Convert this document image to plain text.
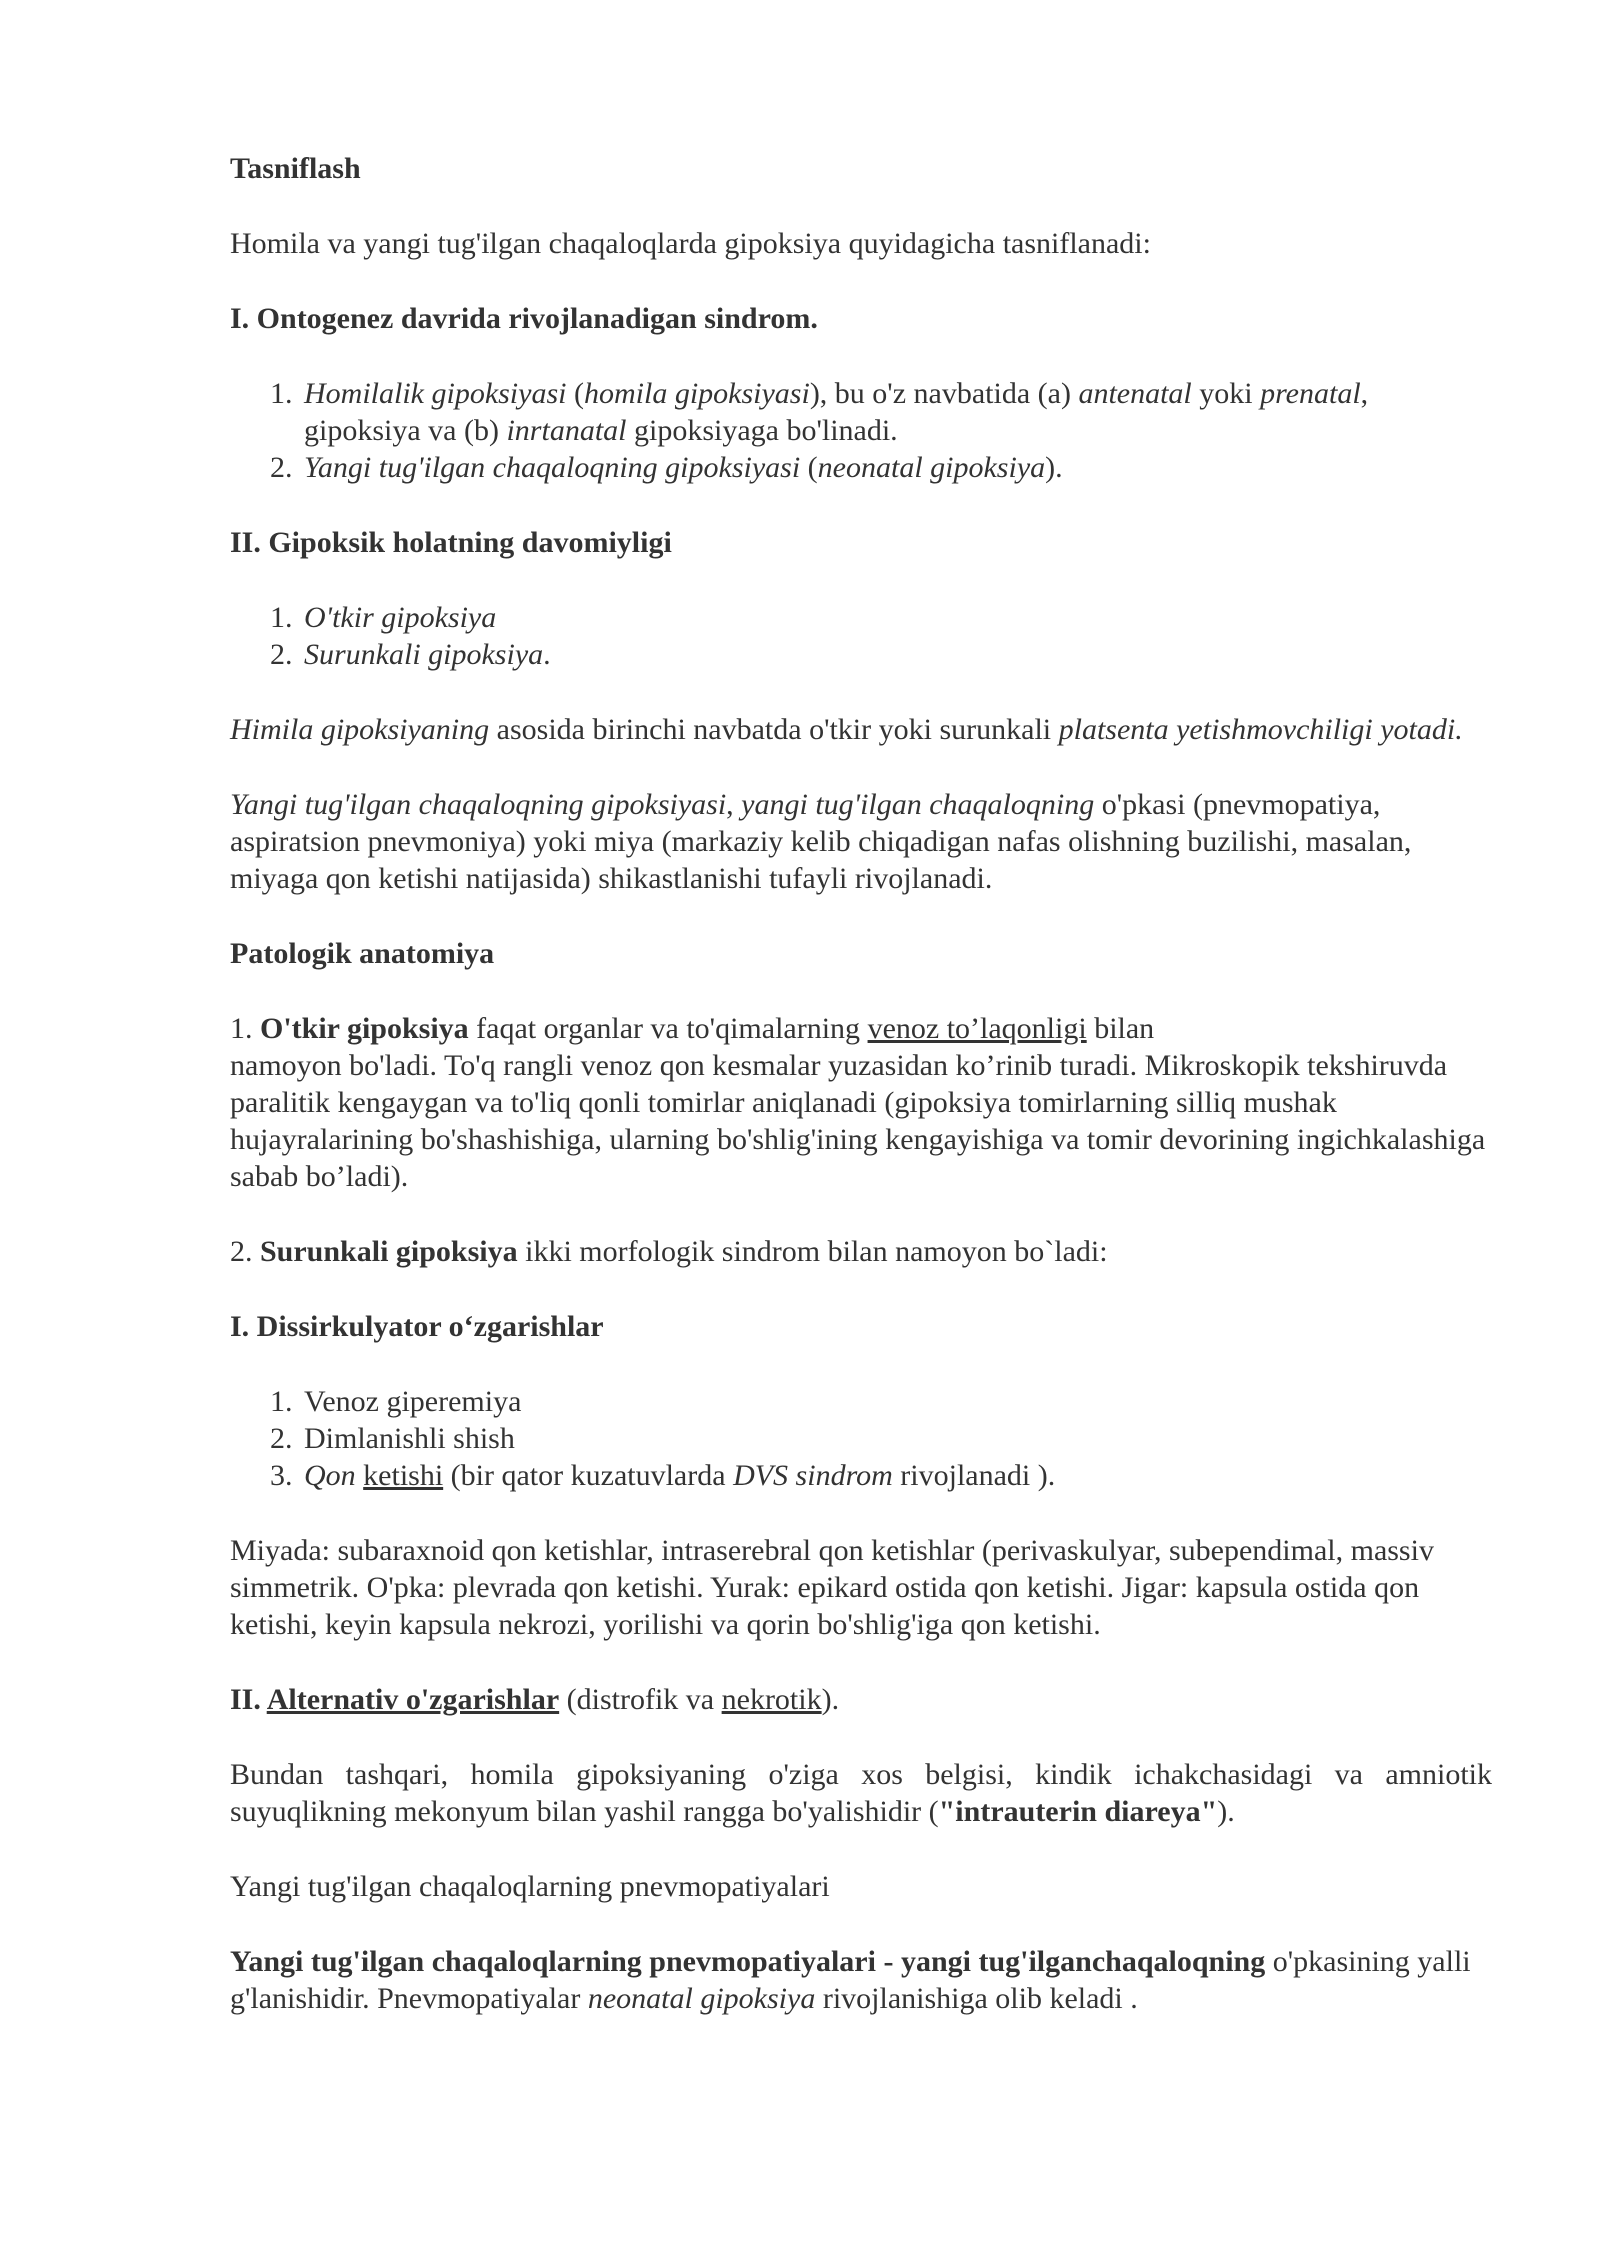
Tasniflash

Homila va yangi tug'ilgan chaqaloqlarda gipoksiya quyidagicha tasniflanadi:

I. Ontogenez davrida rivojlanadigan sindrom.

1. Homilalik gipoksiyasi (homila gipoksiyasi), bu o'z navbatida (a) antenatal yoki prenatal, gipoksiya va (b) inrtanatal gipoksiyaga bo'linadi.
2. Yangi tug'ilgan chaqaloqning gipoksiyasi (neonatal gipoksiya).

II. Gipoksik holatning davomiyligi

1. O'tkir gipoksiya
2. Surunkali gipoksiya.

Himila gipoksiyaning asosida birinchi navbatda o'tkir yoki surunkali platsenta yetishmovchiligi yotadi.

Yangi tug'ilgan chaqaloqning gipoksiyasi, yangi tug'ilgan chaqaloqning o'pkasi (pnevmopatiya, aspiratsion pnevmoniya) yoki miya (markaziy kelib chiqadigan nafas olishning buzilishi, masalan, miyaga qon ketishi natijasida) shikastlanishi tufayli rivojlanadi.

Patologik anatomiya

1. O'tkir gipoksiya faqat organlar va to'qimalarning venoz to’laqonligi bilan
namoyon bo'ladi. To'q rangli venoz qon kesmalar yuzasidan ko’rinib turadi. Mikroskopik tekshiruvda paralitik kengaygan va to'liq qonli tomirlar aniqlanadi (gipoksiya tomirlarning silliq mushak hujayralarining bo'shashishiga, ularning bo'shlig'ining kengayishiga va tomir devorining ingichkalashiga sabab bo’ladi).

2. Surunkali gipoksiya ikki morfologik sindrom bilan namoyon bo`ladi:

I. Dissirkulyator o‘zgarishlar

1. Venoz giperemiya
2. Dimlanishli shish
3. Qon ketishi (bir qator kuzatuvlarda DVS sindrom rivojlanadi ).

Miyada: subaraxnoid qon ketishlar, intraserebral qon ketishlar (perivaskulyar, subependimal, massiv simmetrik. O'pka: plevrada qon ketishi. Yurak: epikard ostida qon ketishi. Jigar: kapsula ostida qon ketishi, keyin kapsula nekrozi, yorilishi va qorin bo'shlig'iga qon ketishi.

II. Alternativ o'zgarishlar (distrofik va nekrotik).

Bundan tashqari, homila gipoksiyaning o'ziga xos belgisi, kindik ichakchasidagi va amniotik suyuqlikning mekonyum bilan yashil rangga bo'yalishidir ("intrauterin diareya").

Yangi tug'ilgan chaqaloqlarning pnevmopatiyalari

Yangi tug'ilgan chaqaloqlarning pnevmopatiyalari - yangi tug'ilganchaqaloqning o'pkasining yallig'lanishidir. Pnevmopatiyalar neonatal gipoksiya rivojlanishiga olib keladi .
